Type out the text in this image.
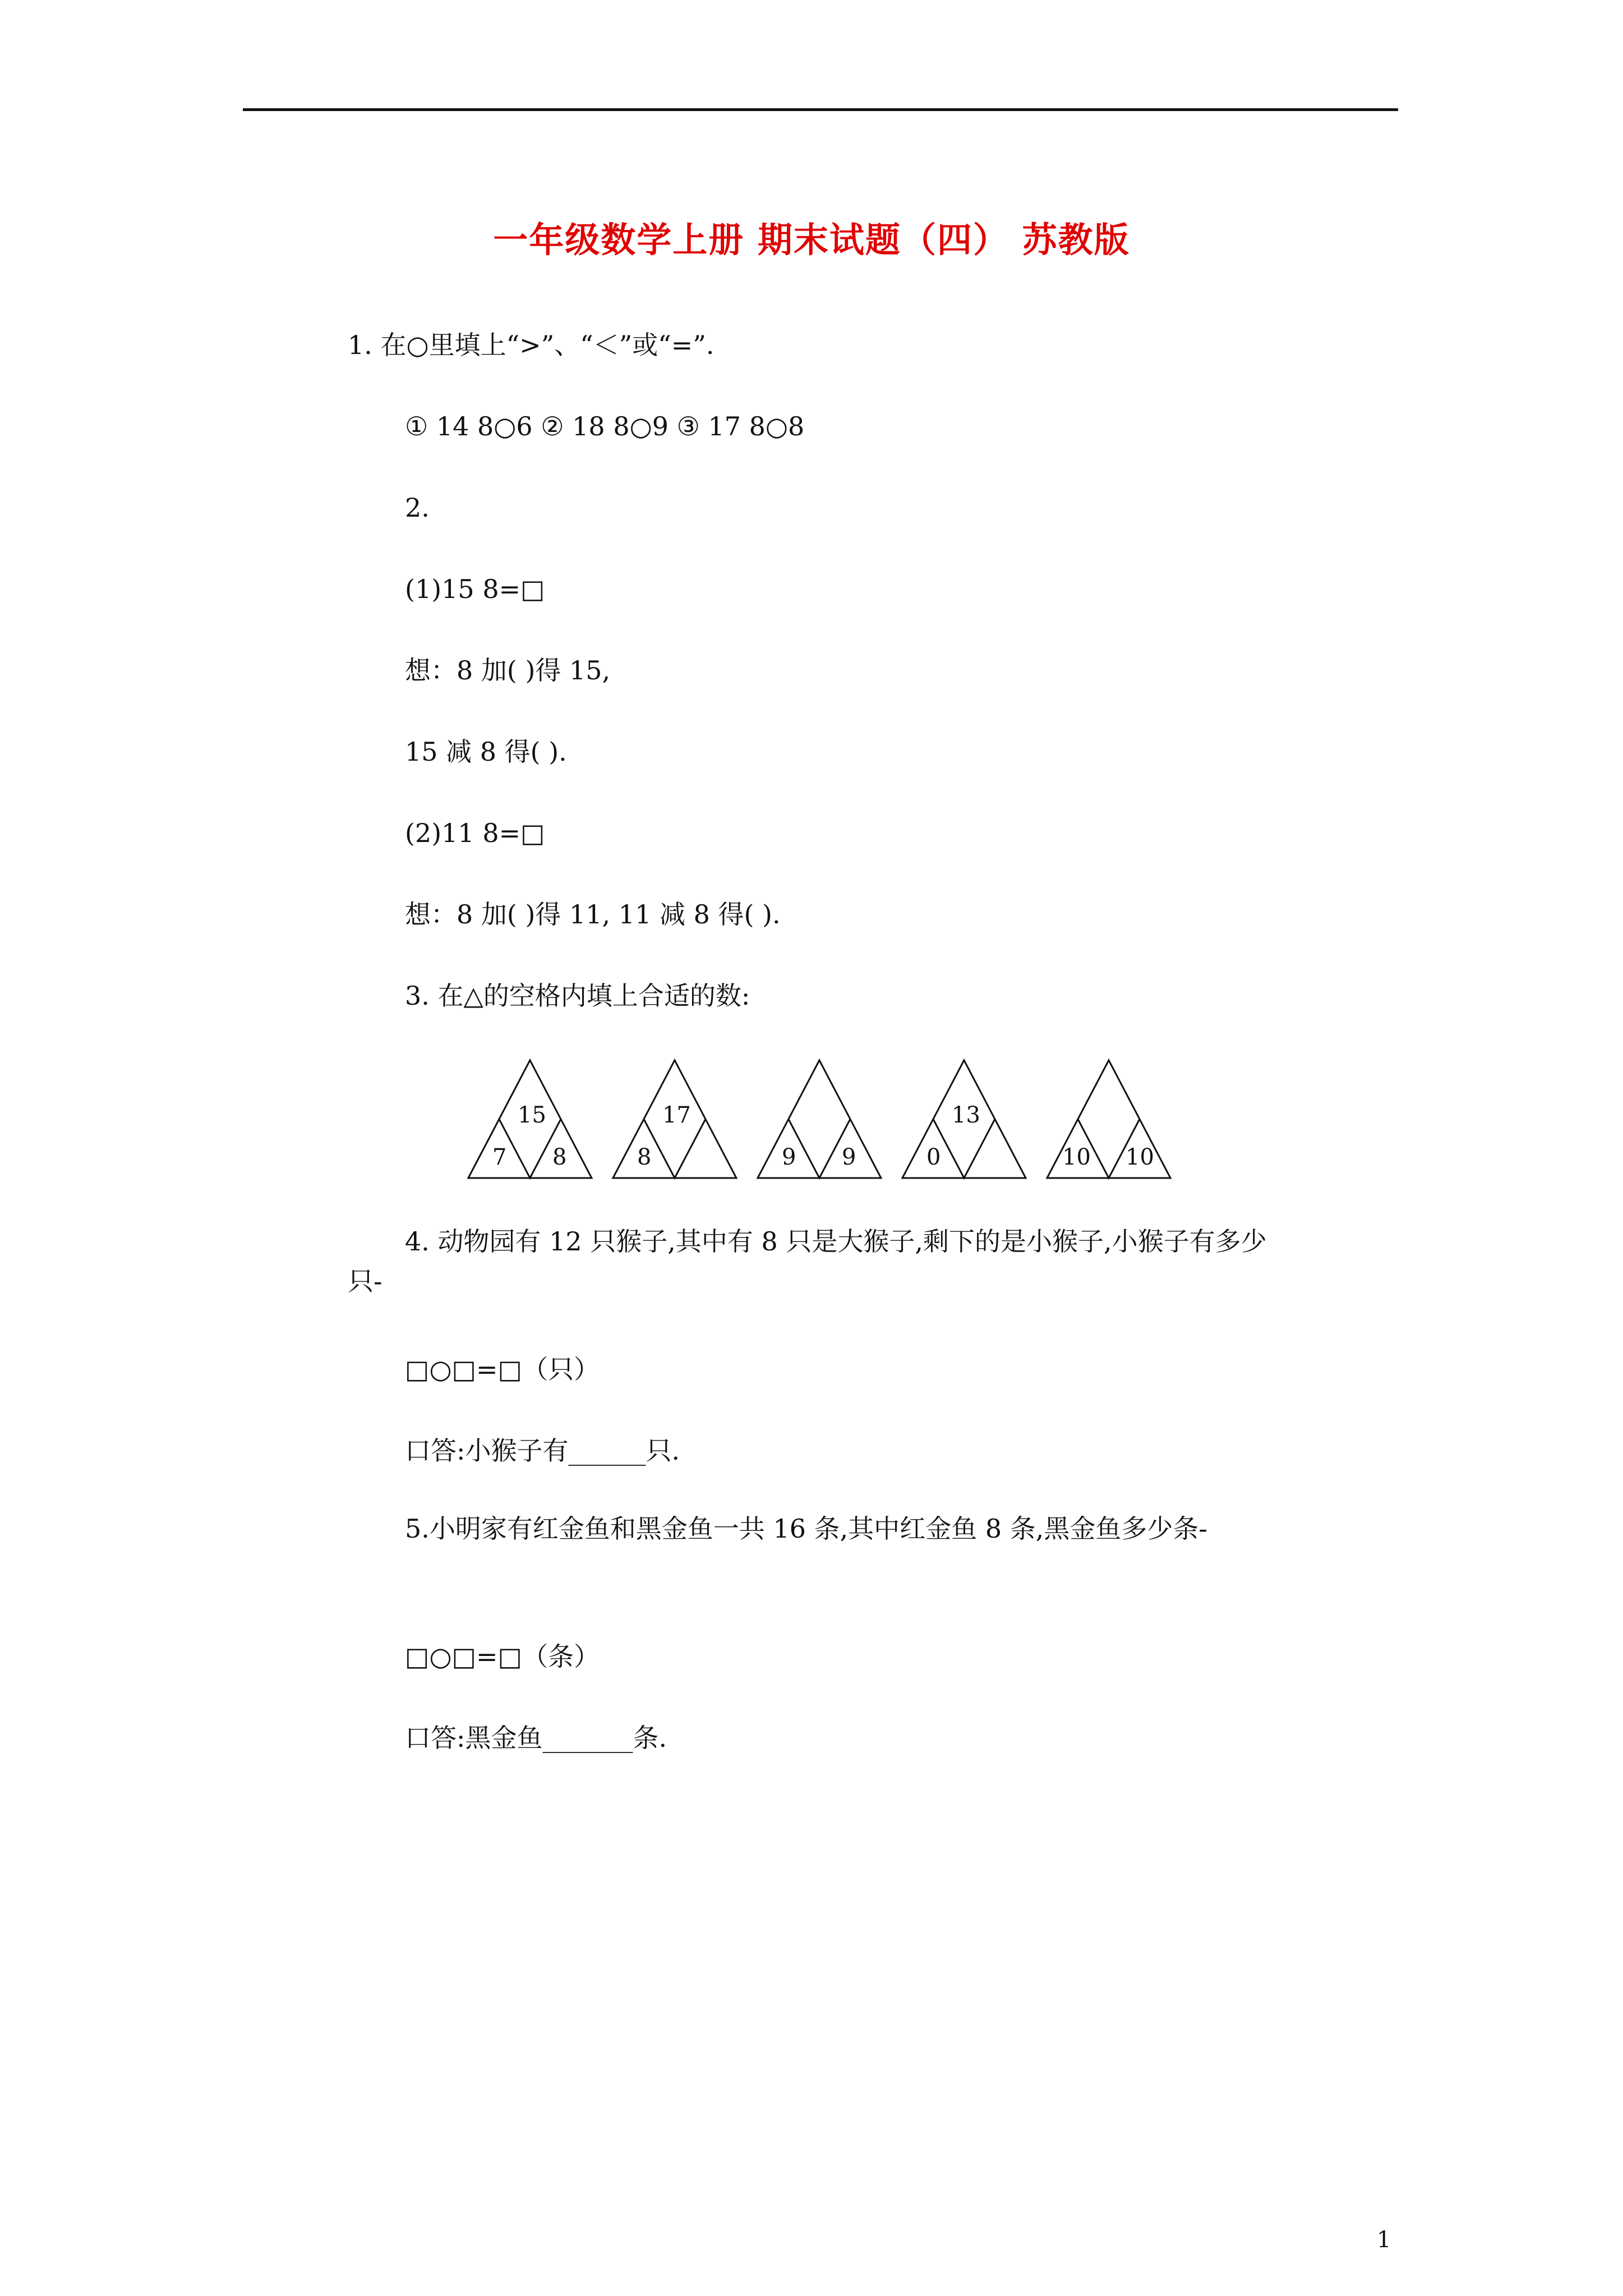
一年级数学上册 期末试题（四） 苏教版
1. 在○里填上“>”、“＜”或“=”.
① 14 8○6 ② 18 8○9 ③ 17 8○8
2.
(1)15 8=□
想：8 加( )得 15,
15 减 8 得( ).
(2)11 8=□
想：8 加( )得 11, 11 减 8 得( ).
3. 在△的空格内填上合适的数:
15
7 8
17
8	9 9
13
0	10 10
4. 动物园有 12 只猴子,其中有 8 只是大猴子,剩下的是小猴子,小猴子有多少只-
□○□=□（只）
口答:小猴子有______只.
5.小明家有红金鱼和黑金鱼一共 16 条,其中红金鱼 8 条,黑金鱼多少条-
□○□=□（条）
口答:黑金鱼_______条.
1
